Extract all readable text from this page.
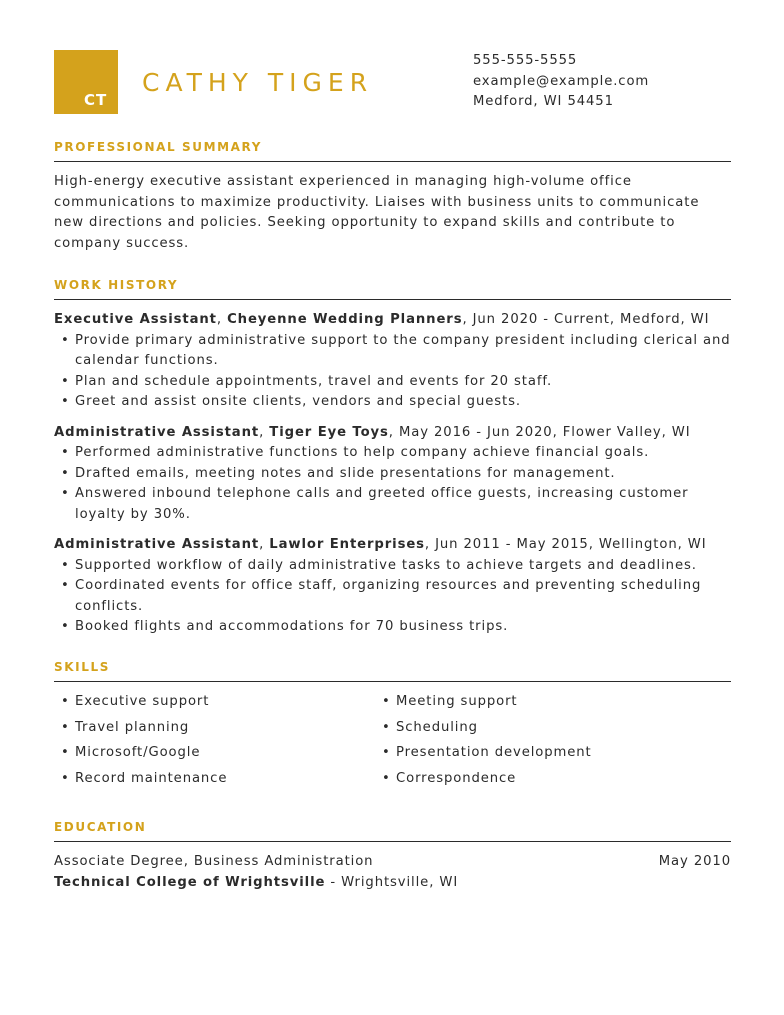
CT
CATHY TIGER
555-555-5555
example@example.com
Medford, WI 54451
PROFESSIONAL SUMMARY
High-energy executive assistant experienced in managing high-volume office communications to maximize productivity. Liaises with business units to communicate new directions and policies. Seeking opportunity to expand skills and contribute to company success.
WORK HISTORY
Executive Assistant, Cheyenne Wedding Planners, Jun 2020 - Current, Medford, WI
• Provide primary administrative support to the company president including clerical and calendar functions.
• Plan and schedule appointments, travel and events for 20 staff.
• Greet and assist onsite clients, vendors and special guests.
Administrative Assistant, Tiger Eye Toys, May 2016 - Jun 2020, Flower Valley, WI
• Performed administrative functions to help company achieve financial goals.
• Drafted emails, meeting notes and slide presentations for management.
• Answered inbound telephone calls and greeted office guests, increasing customer loyalty by 30%.
Administrative Assistant, Lawlor Enterprises, Jun 2011 - May 2015, Wellington, WI
• Supported workflow of daily administrative tasks to achieve targets and deadlines.
• Coordinated events for office staff, organizing resources and preventing scheduling conflicts.
• Booked flights and accommodations for 70 business trips.
SKILLS
• Executive support	• Meeting support
• Travel planning	• Scheduling
• Microsoft/Google	• Presentation development
• Record maintenance	• Correspondence
EDUCATION
Associate Degree, Business Administration	May 2010
Technical College of Wrightsville - Wrightsville, WI
